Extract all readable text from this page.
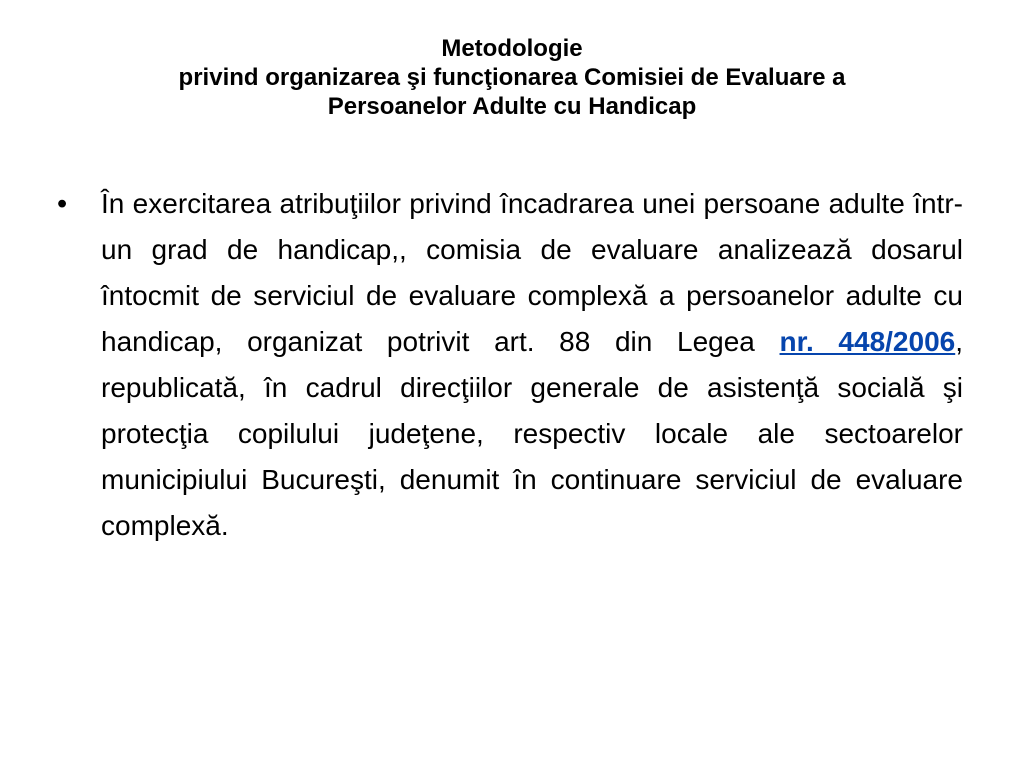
Metodologie
privind organizarea şi funcţionarea Comisiei de Evaluare a
Persoanelor Adulte cu Handicap
•	În exercitarea atribuţiilor privind încadrarea unei persoane adulte într-un grad de handicap,, comisia de evaluare analizează dosarul întocmit de serviciul de evaluare complexă a persoanelor adulte cu handicap, organizat potrivit art. 88 din Legea nr. 448/2006, republicată, în cadrul direcţiilor generale de asistenţă socială şi protecţia copilului judeţene, respectiv locale ale sectoarelor municipiului Bucureşti, denumit în continuare serviciul de evaluare complexă.
